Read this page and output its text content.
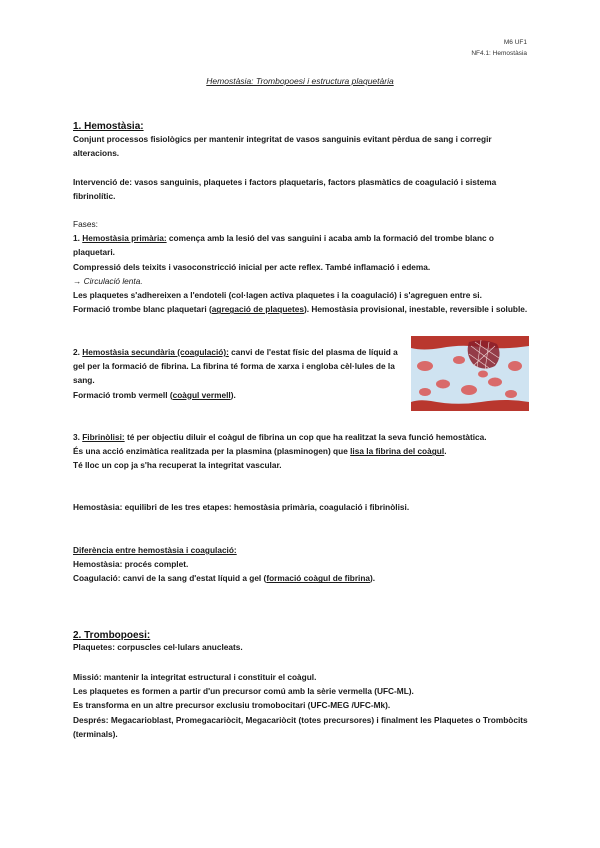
M6 UF1
NF4.1: Hemostàsia
Hemostàsia: Trombopoesi i estructura plaquetària
1. Hemostàsia:
Conjunt processos fisiològics per mantenir integritat de vasos sanguinis evitant pèrdua de sang i corregir alteracions.
Intervenció de: vasos sanguinis, plaquetes i factors plaquetaris, factors plasmàtics de coagulació i sistema fibrinolític.

Fases:

1. Hemostàsia primària: comença amb la lesió del vas sanguini i acaba amb la formació del trombe blanc o plaquetari.

Compressió dels teixits i vasoconstricció inicial per acte reflex. També inflamació i edema.

→ Circulació lenta.

Les plaquetes s'adhereixen a l'endoteli (col·lagen activa plaquetes i la coagulació) i s'agreguen entre si.

Formació trombe blanc plaquetari (agregació de plaquetes). Hemostàsia provisional, inestable, reversible i soluble.

2. Hemostàsia secundària (coagulació): canvi de l'estat físic del plasma de líquid a gel per la formació de fibrina. La fibrina té forma de xarxa i engloba cèl·lules de la sang.

Formació tromb vermell (coàgul vermell).

3. Fibrinòlisi: té per objectiu diluir el coàgul de fibrina un cop que ha realitzat la seva funció hemostàtica.

És una acció enzimàtica realitzada per la plasmina (plasminogen) que lisa la fibrina del coàgul.

Té lloc un cop ja s'ha recuperat la integritat vascular.

Hemostàsia: equilibri de les tres etapes: hemostàsia primària, coagulació i fibrinòlisi.

Diferència entre hemostàsia i coagulació:

Hemostàsia: procés complet.

Coagulació: canvi de la sang d'estat líquid a gel (formació coàgul de fibrina).

2. Trombopoesi:
Plaquetes: corpuscles cel·lulars anucleats.

Missió: mantenir la integritat estructural i constituir el coàgul.

Les plaquetes es formen a partir d'un precursor comú amb la sèrie vermella (UFC-ML).

Es transforma en un altre precursor exclusiu tromobocitari (UFC-MEG /UFC-Mk).

Després: Megacarioblast, Promegacariòcit, Megacariòcit (totes precursores) i finalment les Plaquetes o Trombòcits (terminals).
